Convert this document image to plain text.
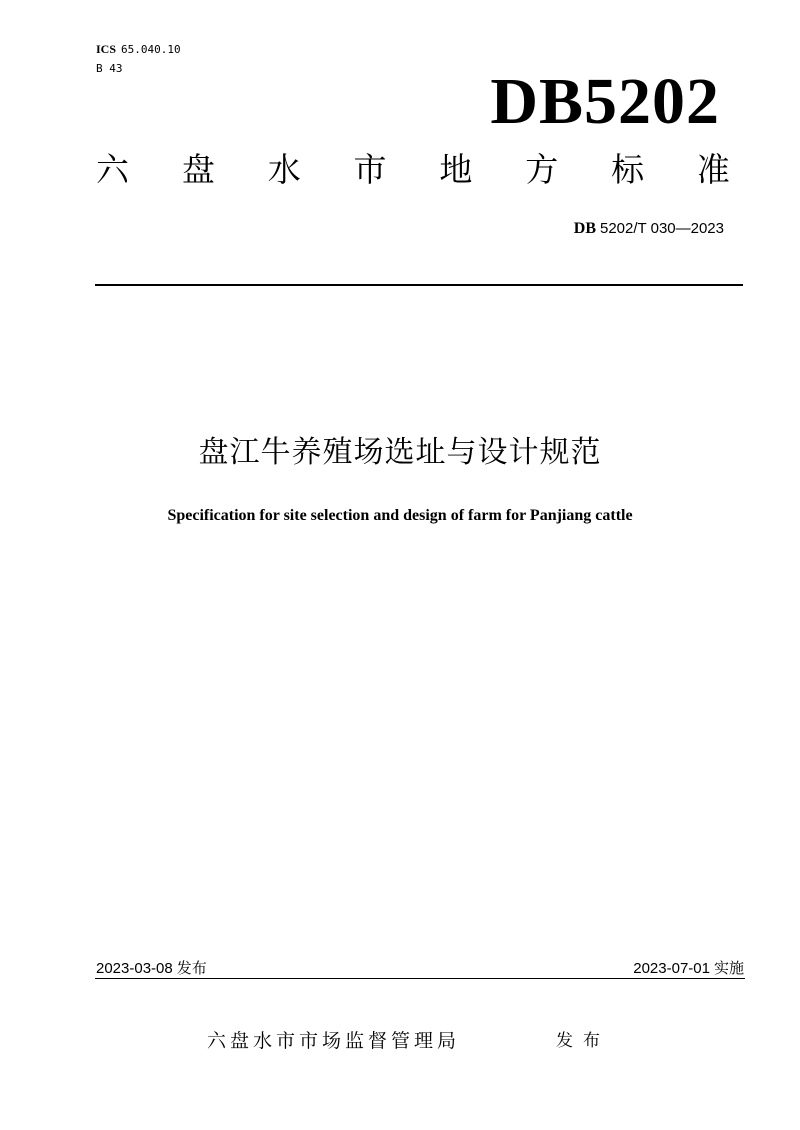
ICS 65.040.10
B 43	DB5202
六 盘 水 市 地 方 标 准
DB 5202/T 030—2023
盘江牛养殖场选址与设计规范
Specification for site selection and design of farm for Panjiang cattle
2023-03-08 发布	2023-07-01 实施
六盘水市市场监督管理局	发布
